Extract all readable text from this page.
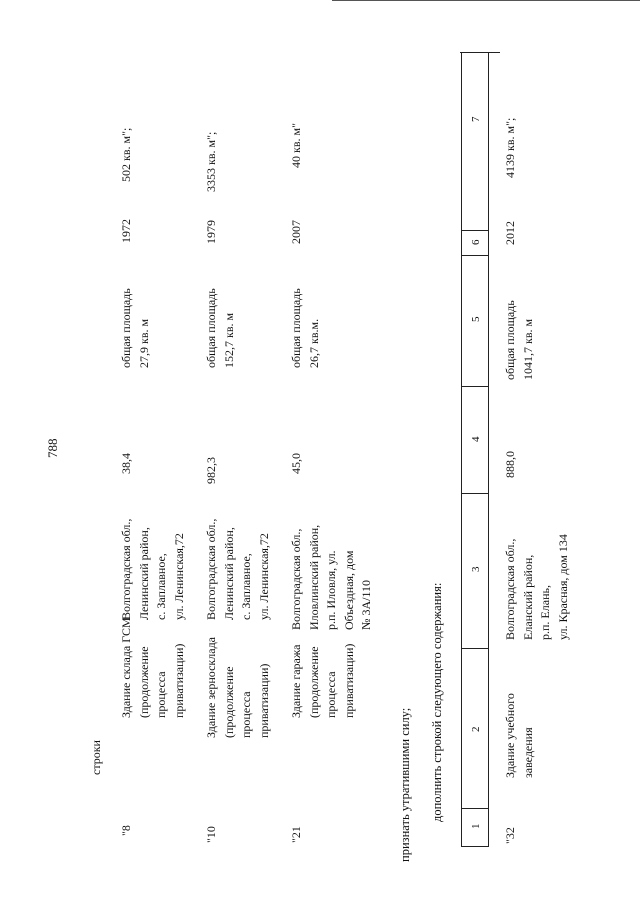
788
строки
"8
Здание склада ГСМ
(продолжение
процесса
приватизации)
Волгоградская обл.,
Ленинский район,
с. Заплавное,
ул. Ленинская,72
38,4
общая площадь
27,9 кв. м
1972
502 кв. м";
"10
Здание зерносклада
(продолжение
процесса
приватизации)
Волгоградская обл.,
Ленинский район,
с. Заплавное,
ул. Ленинская,72
982,3
общая площадь
152,7 кв. м
1979
3353 кв. м";
"21
Здание гаража
(продолжение
процесса
приватизации)
Волгоградская обл.,
Иловлинский район,
р.п. Иловля, ул.
Объездная, дом
№ 3А/110
45,0
общая площадь
26,7 кв.м.
2007
40 кв. м"
признать утратившими силу; дополнить строкой следующего содержания:
1
2
3
4
5
6
7
"32
Здание учебного
заведения
Волгоградская обл.,
Еланский район,
р.п. Елань,
ул. Красная, дом 134
888,0
общая площадь
1041,7 кв. м
2012
4139 кв. м";
